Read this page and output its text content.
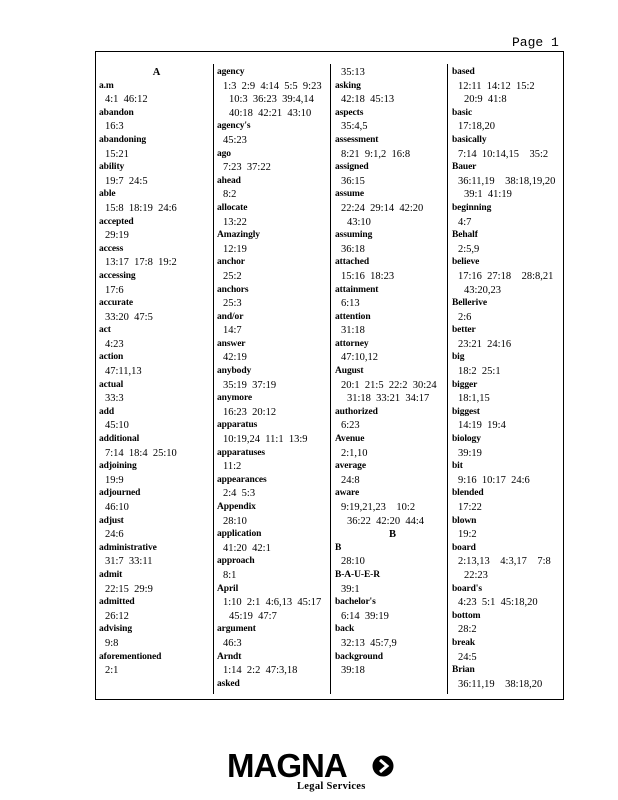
Page 1
A
a.m
4:1  46:12
abandon
16:3
abandoning
15:21
ability
19:7  24:5
able
15:8  18:19  24:6
accepted
29:19
access
13:17  17:8  19:2
accessing
17:6
accurate
33:20  47:5
act
4:23
action
47:11,13
actual
33:3
add
45:10
additional
7:14  18:4  25:10
adjoining
19:9
adjourned
46:10
adjust
24:6
administrative
31:7  33:11
admit
22:15  29:9
admitted
26:12
advising
9:8
aforementioned
2:1
agency
1:3  2:9  4:14  5:5  9:23
10:3  36:23  39:4,14
40:18  42:21  43:10
agency's
45:23
ago
7:23  37:22
ahead
8:2
allocate
13:22
Amazingly
12:19
anchor
25:2
anchors
25:3
and/or
14:7
answer
42:19
anybody
35:19  37:19
anymore
16:23  20:12
apparatus
10:19,24  11:1  13:9
apparatuses
11:2
appearances
2:4  5:3
Appendix
28:10
application
41:20  42:1
approach
8:1
April
1:10  2:1  4:6,13  45:17
45:19  47:7
argument
46:3
Arndt
1:14  2:2  47:3,18
asked
35:13
asking
42:18  45:13
aspects
35:4,5
assessment
8:21  9:1,2  16:8
assigned
36:15
assume
22:24  29:14  42:20
43:10
assuming
36:18
attached
15:16  18:23
attainment
6:13
attention
31:18
attorney
47:10,12
August
20:1  21:5  22:2  30:24
31:18  33:21  34:17
authorized
6:23
Avenue
2:1,10
average
24:8
aware
9:19,21,23    10:2
36:22  42:20  44:4
B
B
28:10
B-A-U-E-R
39:1
bachelor's
6:14  39:19
back
32:13  45:7,9
background
39:18
based
12:11  14:12  15:2
20:9  41:8
basic
17:18,20
basically
7:14  10:14,15    35:2
Bauer
36:11,19    38:18,19,20
39:1  41:19
beginning
4:7
Behalf
2:5,9
believe
17:16  27:18    28:8,21
43:20,23
Bellerive
2:6
better
23:21  24:16
big
18:2  25:1
bigger
18:1,15
biggest
14:19  19:4
biology
39:19
bit
9:16  10:17  24:6
blended
17:22
blown
19:2
board
2:13,13    4:3,17    7:8
22:23
board's
4:23  5:1  45:18,20
bottom
28:2
break
24:5
Brian
36:11,19    38:18,20
MAGNA
Legal Services
